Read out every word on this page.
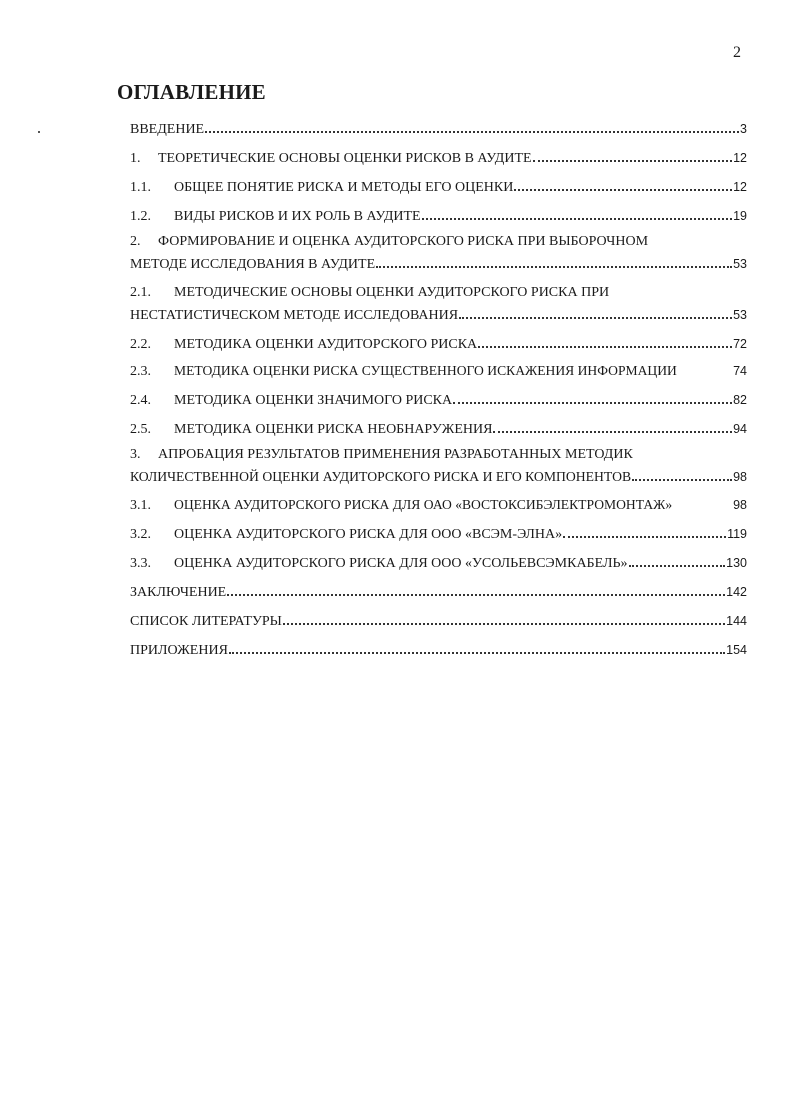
2
ОГЛАВЛЕНИЕ
ВВЕДЕНИЕ	3
1.	ТЕОРЕТИЧЕСКИЕ ОСНОВЫ ОЦЕНКИ РИСКОВ В АУДИТЕ	12
1.1.	ОБЩЕЕ ПОНЯТИЕ РИСКА И МЕТОДЫ ЕГО ОЦЕНКИ	12
1.2.	ВИДЫ РИСКОВ И ИХ РОЛЬ В АУДИТЕ	19
2. ФОРМИРОВАНИЕ И ОЦЕНКА АУДИТОРСКОГО РИСКА ПРИ ВЫБОРОЧНОМ
МЕТОДЕ ИССЛЕДОВАНИЯ В АУДИТЕ	53
2.1. МЕТОДИЧЕСКИЕ ОСНОВЫ ОЦЕНКИ АУДИТОРСКОГО РИСКА ПРИ
НЕСТАТИСТИЧЕСКОМ МЕТОДЕ ИССЛЕДОВАНИЯ	53
2.2.	МЕТОДИКА ОЦЕНКИ АУДИТОРСКОГО РИСКА	72
2.3.	МЕТОДИКА ОЦЕНКИ РИСКА СУЩЕСТВЕННОГО ИСКАЖЕНИЯ ИНФОРМАЦИИ	74
2.4.	МЕТОДИКА ОЦЕНКИ ЗНАЧИМОГО РИСКА	82
2.5.	МЕТОДИКА ОЦЕНКИ РИСКА НЕОБНАРУЖЕНИЯ	94
3. АПРОБАЦИЯ РЕЗУЛЬТАТОВ ПРИМЕНЕНИЯ РАЗРАБОТАННЫХ МЕТОДИК
КОЛИЧЕСТВЕННОЙ ОЦЕНКИ АУДИТОРСКОГО РИСКА И ЕГО КОМПОНЕНТОВ	98
3.1.	ОЦЕНКА АУДИТОРСКОГО РИСКА ДЛЯ ОАО «ВОСТОКСИБЭЛЕКТРОМОНТАЖ»	98
3.2.	ОЦЕНКА АУДИТОРСКОГО РИСКА ДЛЯ ООО «ВСЭМ-ЭЛНА»	119
3.3.	ОЦЕНКА АУДИТОРСКОГО РИСКА ДЛЯ ООО «УСОЛЬЕВСЭМКАБЕЛЬ»	130
ЗАКЛЮЧЕНИЕ	142
СПИСОК ЛИТЕРАТУРЫ	144
ПРИЛОЖЕНИЯ	154
